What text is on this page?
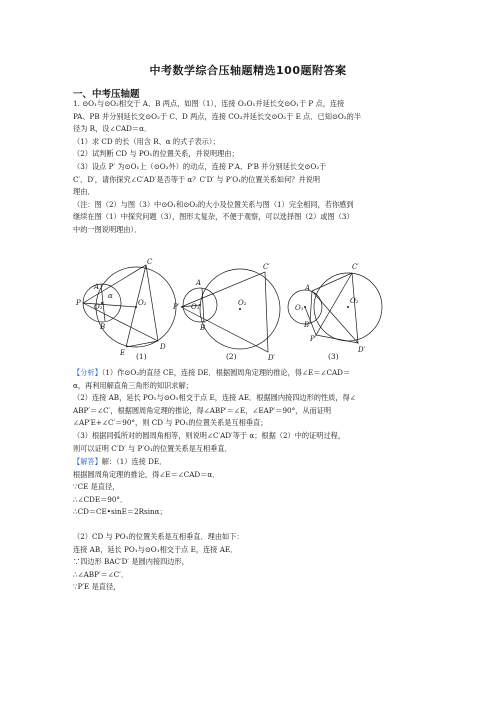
中考数学综合压轴题精选100题附答案
一、中考压轴题

1. ⊙O₁与⊙O₂相交于 A、B 两点，如图（1），连接 O₂O₁并延长交⊙O₁于 P 点，连接

PA、PB 并分别延长交⊙O₂于 C、D 两点，连接 CO₂并延长交⊙O₂于 E 点．已知⊙O₂的半

径为 R，设∠CAD＝α．

（1）求 CD 的长（用含 R、α 的式子表示）；

（2）试判断 CD 与 PO₁的位置关系，并说明理由；

（3）设点 P′ 为⊙O₁上（⊙O₂外）的动点，连接 P′A、P′B 并分别延长交⊙O₂于

C′、D′，请你探究∠C′AD′是否等于 α？C′D′ 与 P′O₁的位置关系如何？并说明

理由．

（注：图（2）与图（3）中⊙O₁和⊙O₂的大小及位置关系与图（1）完全相同，若你感到

继续在图（1）中探究问题（3），图形太复杂，不便于观察，可以选择图（2）或图（3）

中的一图说明理由）．

C
A
α
O₁	O₂
P
B
E
D
C′
A
P′ O₁	O₂
B
D′
C′
A
O₁
O₂
P′
B
D′
(1)	(2)	(3)

【分析】（1）作⊙O₂的直径 CE，连接 DE．根据圆周角定理的推论，得∠E＝∠CAD＝

α，再利用解直角三角形的知识求解；

（2）连接 AB，延长 PO₁与⊙O₁相交于点 E，连接 AE．根据圆内接四边形的性质，得∠

ABP′＝∠C′，根据圆周角定理的推论，得∠ABP′＝∠E，∠EAP′＝90°，从而证明

∠AP′E+∠C′＝90°，则 CD 与 PO₁的位置关系是互相垂直；

（3）根据同弧所对的圆周角相等，则说明∠C′AD′等于 α；根据（2）中的证明过程，

则可以证明 C′D′ 与 P′O₁的位置关系是互相垂直．

【解答】解：（1）连接 DE．

根据圆周角定理的推论，得∠E＝∠CAD＝α．

∵CE 是直径，

∴∠CDE＝90°．

∴CD＝CE•sinE＝2Rsinα；

（2）CD 与 PO₁的位置关系是互相垂直．理由如下：

连接 AB，延长 PO₁与⊙O₁相交于点 E，连接 AE．

∵四边形 BAC′D′ 是圆内接四边形，

∴∠ABP′＝∠C′．

∵P′E 是直径，
